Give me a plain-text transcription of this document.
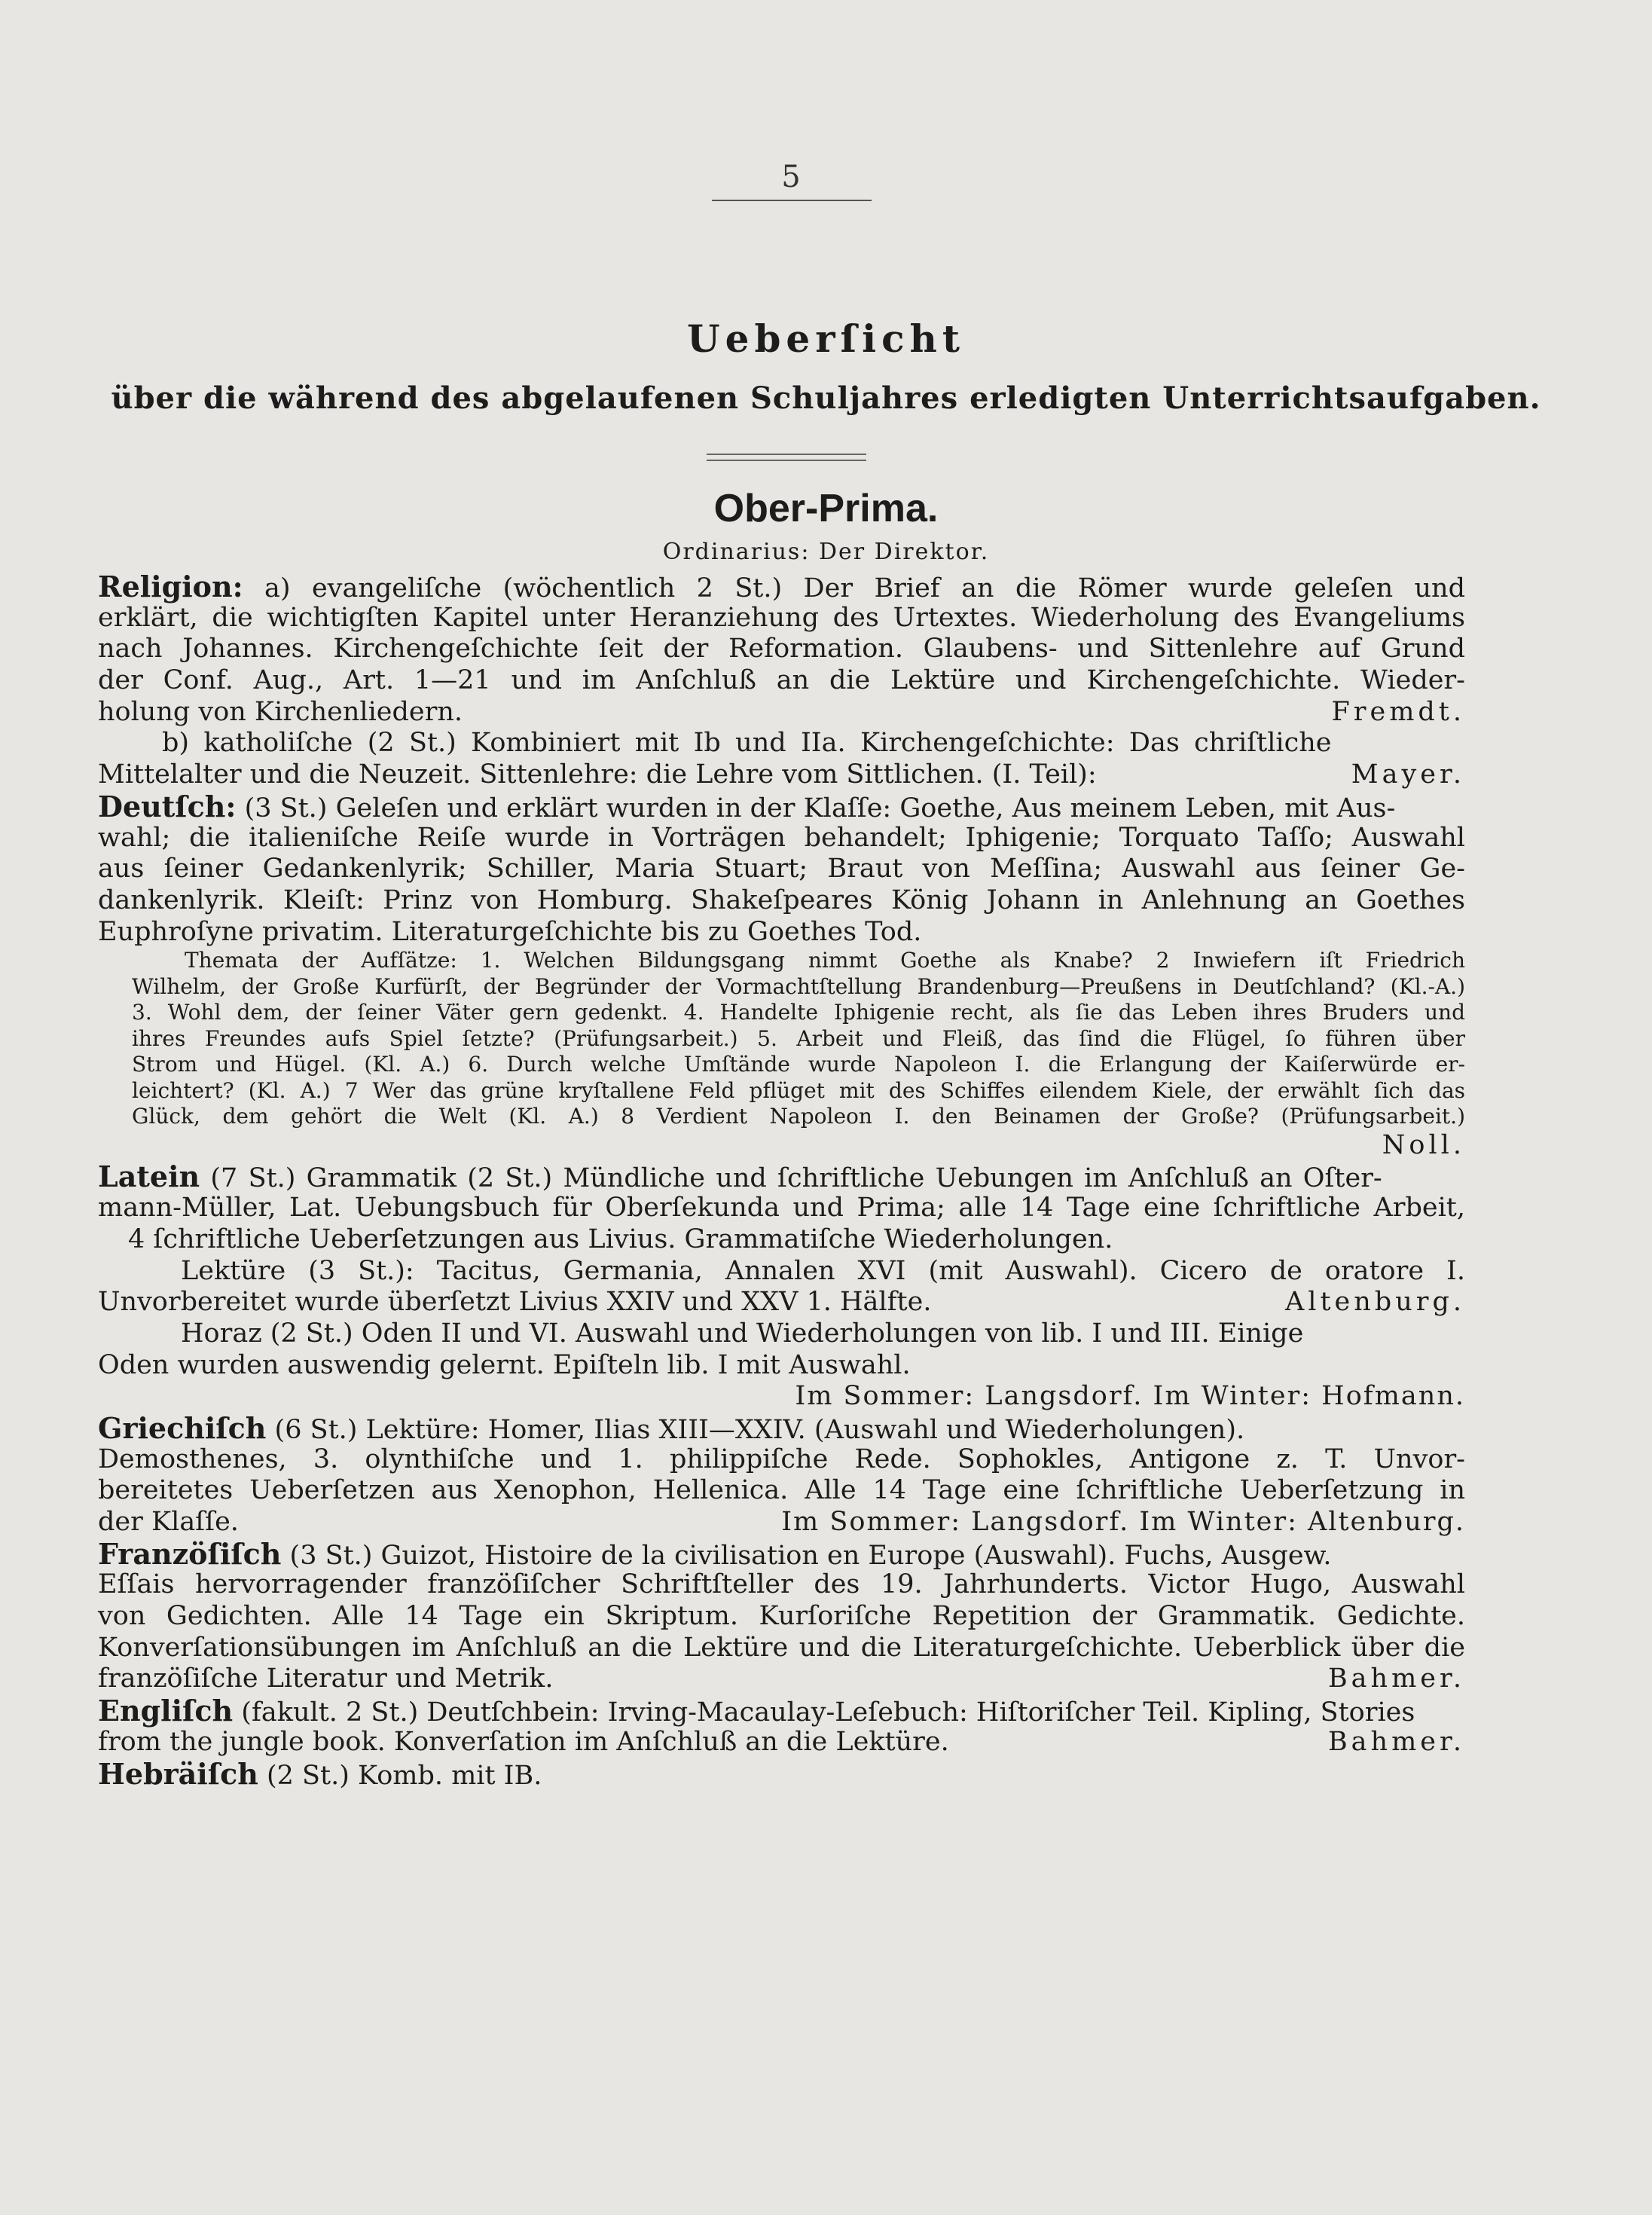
5
Ueberſicht
über die während des abgelaufenen Schuljahres erledigten Unterrichtsaufgaben.
Ober-Prima.
Ordinarius: Der Direktor.
Religion: a) evangeliſche (wöchentlich 2 St.) Der Brief an die Römer wurde geleſen und
erklärt, die wichtigſten Kapitel unter Heranziehung des Urtextes. Wiederholung des Evangeliums
nach Johannes. Kirchengeſchichte ſeit der Reformation. Glaubens- und Sittenlehre auf Grund
der Conf. Aug., Art. 1—21 und im Anſchluß an die Lektüre und Kirchengeſchichte. Wieder-
holung von Kirchenliedern.	Fremdt.
b) katholiſche (2 St.) Kombiniert mit Ib und IIa. Kirchengeſchichte: Das chriſtliche
Mittelalter und die Neuzeit. Sittenlehre: die Lehre vom Sittlichen. (I. Teil):	Mayer.
Deutſch: (3 St.) Geleſen und erklärt wurden in der Klaſſe: Goethe, Aus meinem Leben, mit Aus-
wahl; die italieniſche Reiſe wurde in Vorträgen behandelt; Iphigenie; Torquato Taſſo; Auswahl
aus ſeiner Gedankenlyrik; Schiller, Maria Stuart; Braut von Meſſina; Auswahl aus ſeiner Ge-
dankenlyrik. Kleiſt: Prinz von Homburg. Shakeſpeares König Johann in Anlehnung an Goethes
Euphroſyne privatim. Literaturgeſchichte bis zu Goethes Tod.
Themata der Aufſätze: 1. Welchen Bildungsgang nimmt Goethe als Knabe? 2 Inwiefern iſt Friedrich
Wilhelm, der Große Kurfürſt, der Begründer der Vormachtſtellung Brandenburg—Preußens in Deutſchland? (Kl.-A.)
3. Wohl dem, der ſeiner Väter gern gedenkt. 4. Handelte Iphigenie recht, als ſie das Leben ihres Bruders und
ihres Freundes aufs Spiel ſetzte? (Prüfungsarbeit.) 5. Arbeit und Fleiß, das ſind die Flügel, ſo führen über
Strom und Hügel. (Kl. A.) 6. Durch welche Umſtände wurde Napoleon I. die Erlangung der Kaiſerwürde er-
leichtert? (Kl. A.) 7 Wer das grüne kryſtallene Feld pflüget mit des Schiffes eilendem Kiele, der erwählt ſich das
Glück, dem gehört die Welt (Kl. A.) 8 Verdient Napoleon I. den Beinamen der Große? (Prüfungsarbeit.)
Noll.
Latein (7 St.) Grammatik (2 St.) Mündliche und ſchriftliche Uebungen im Anſchluß an Oſter-
mann-Müller, Lat. Uebungsbuch für Oberſekunda und Prima; alle 14 Tage eine ſchriftliche Arbeit,
4 ſchriftliche Ueberſetzungen aus Livius. Grammatiſche Wiederholungen.
Lektüre (3 St.): Tacitus, Germania, Annalen XVI (mit Auswahl). Cicero de oratore I.
Unvorbereitet wurde überſetzt Livius XXIV und XXV 1. Hälfte.	Altenburg.
Horaz (2 St.) Oden II und VI. Auswahl und Wiederholungen von lib. I und III. Einige
Oden wurden auswendig gelernt. Epiſteln lib. I mit Auswahl.
Im Sommer: Langsdorf. Im Winter: Hofmann.
Griechiſch (6 St.) Lektüre: Homer, Ilias XIII—XXIV. (Auswahl und Wiederholungen).
Demosthenes, 3. olynthiſche und 1. philippiſche Rede. Sophokles, Antigone z. T. Unvor-
bereitetes Ueberſetzen aus Xenophon, Hellenica. Alle 14 Tage eine ſchriftliche Ueberſetzung in
der Klaſſe.	Im Sommer: Langsdorf. Im Winter: Altenburg.
Franzöſiſch (3 St.) Guizot, Histoire de la civilisation en Europe (Auswahl). Fuchs, Ausgew.
Eſſais hervorragender franzöſiſcher Schriftſteller des 19. Jahrhunderts. Victor Hugo, Auswahl
von Gedichten. Alle 14 Tage ein Skriptum. Kurſoriſche Repetition der Grammatik. Gedichte.
Konverſationsübungen im Anſchluß an die Lektüre und die Literaturgeſchichte. Ueberblick über die
franzöſiſche Literatur und Metrik.	Bahmer.
Engliſch (fakult. 2 St.) Deutſchbein: Irving-Macaulay-Leſebuch: Hiſtoriſcher Teil. Kipling, Stories
from the jungle book. Konverſation im Anſchluß an die Lektüre.	Bahmer.
Hebräiſch (2 St.) Komb. mit IB.
